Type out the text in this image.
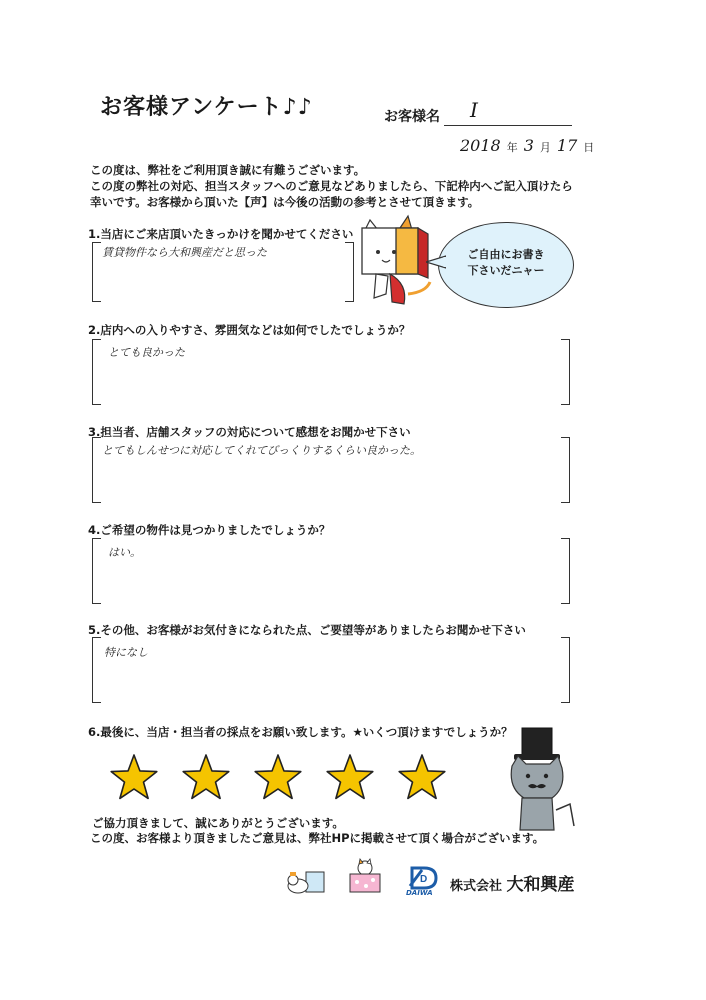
お客様アンケート♪♪	お客様名 I
2018 年 3 月 17 日
この度は、弊社をご利用頂き誠に有難うございます。
この度の弊社の対応、担当スタッフへのご意見などありましたら、下記枠内へご記入頂けたら
幸いです。お客様から頂いた【声】は今後の活動の参考とさせて頂きます。
ご自由にお書き
下さいだニャー
1.当店にご来店頂いたきっかけを聞かせてください
賃貸物件なら大和興産だと思った
2.店内への入りやすさ、雰囲気などは如何でしたでしょうか？
とても良かった
3.担当者、店舗スタッフの対応について感想をお聞かせ下さい
とてもしんせつに対応してくれてびっくりするくらい良かった。
4.ご希望の物件は見つかりましたでしょうか？
はい。
5.その他、お客様がお気付きになられた点、ご要望等がありましたらお聞かせ下さい
特になし
6.最後に、当店・担当者の採点をお願い致します。★いくつ頂けますでしょうか？
ご協力頂きまして、誠にありがとうございます。
この度、お客様より頂きましたご意見は、弊社HPに掲載させて頂く場合がございます。
D
DAIWA 株式会社 大和興産
